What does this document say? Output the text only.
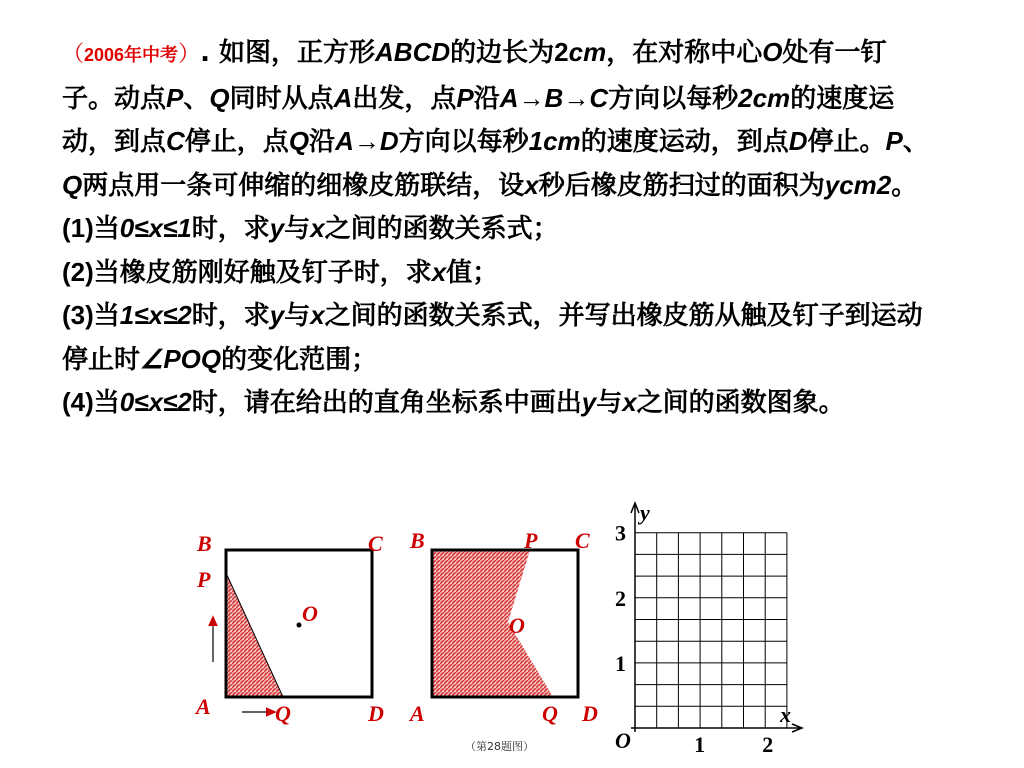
（2006年中考）. 如图，正方形ABCD的边长为2cm，在对称中心O处有一钉子。动点P、Q同时从点A出发，点P沿A→B→C方向以每秒2cm的速度运动，到点C停止，点Q沿A→D方向以每秒1cm的速度运动，到点D停止。P、Q两点用一条可伸缩的细橡皮筋联结，设x秒后橡皮筋扫过的面积为ycm2。
(1)当0≤x≤1时，求y与x之间的函数关系式；
(2)当橡皮筋刚好触及钉子时，求x值；
(3)当1≤x≤2时，求y与x之间的函数关系式，并写出橡皮筋从触及钉子到运动停止时∠POQ的变化范围；
(4)当0≤x≤2时，请在给出的直角坐标系中画出y与x之间的函数图象。
B	C
P
O
A	Q	D
B	P C
O
A	Q D
y
x
O
1
2
3
1	2
（第28题图）
